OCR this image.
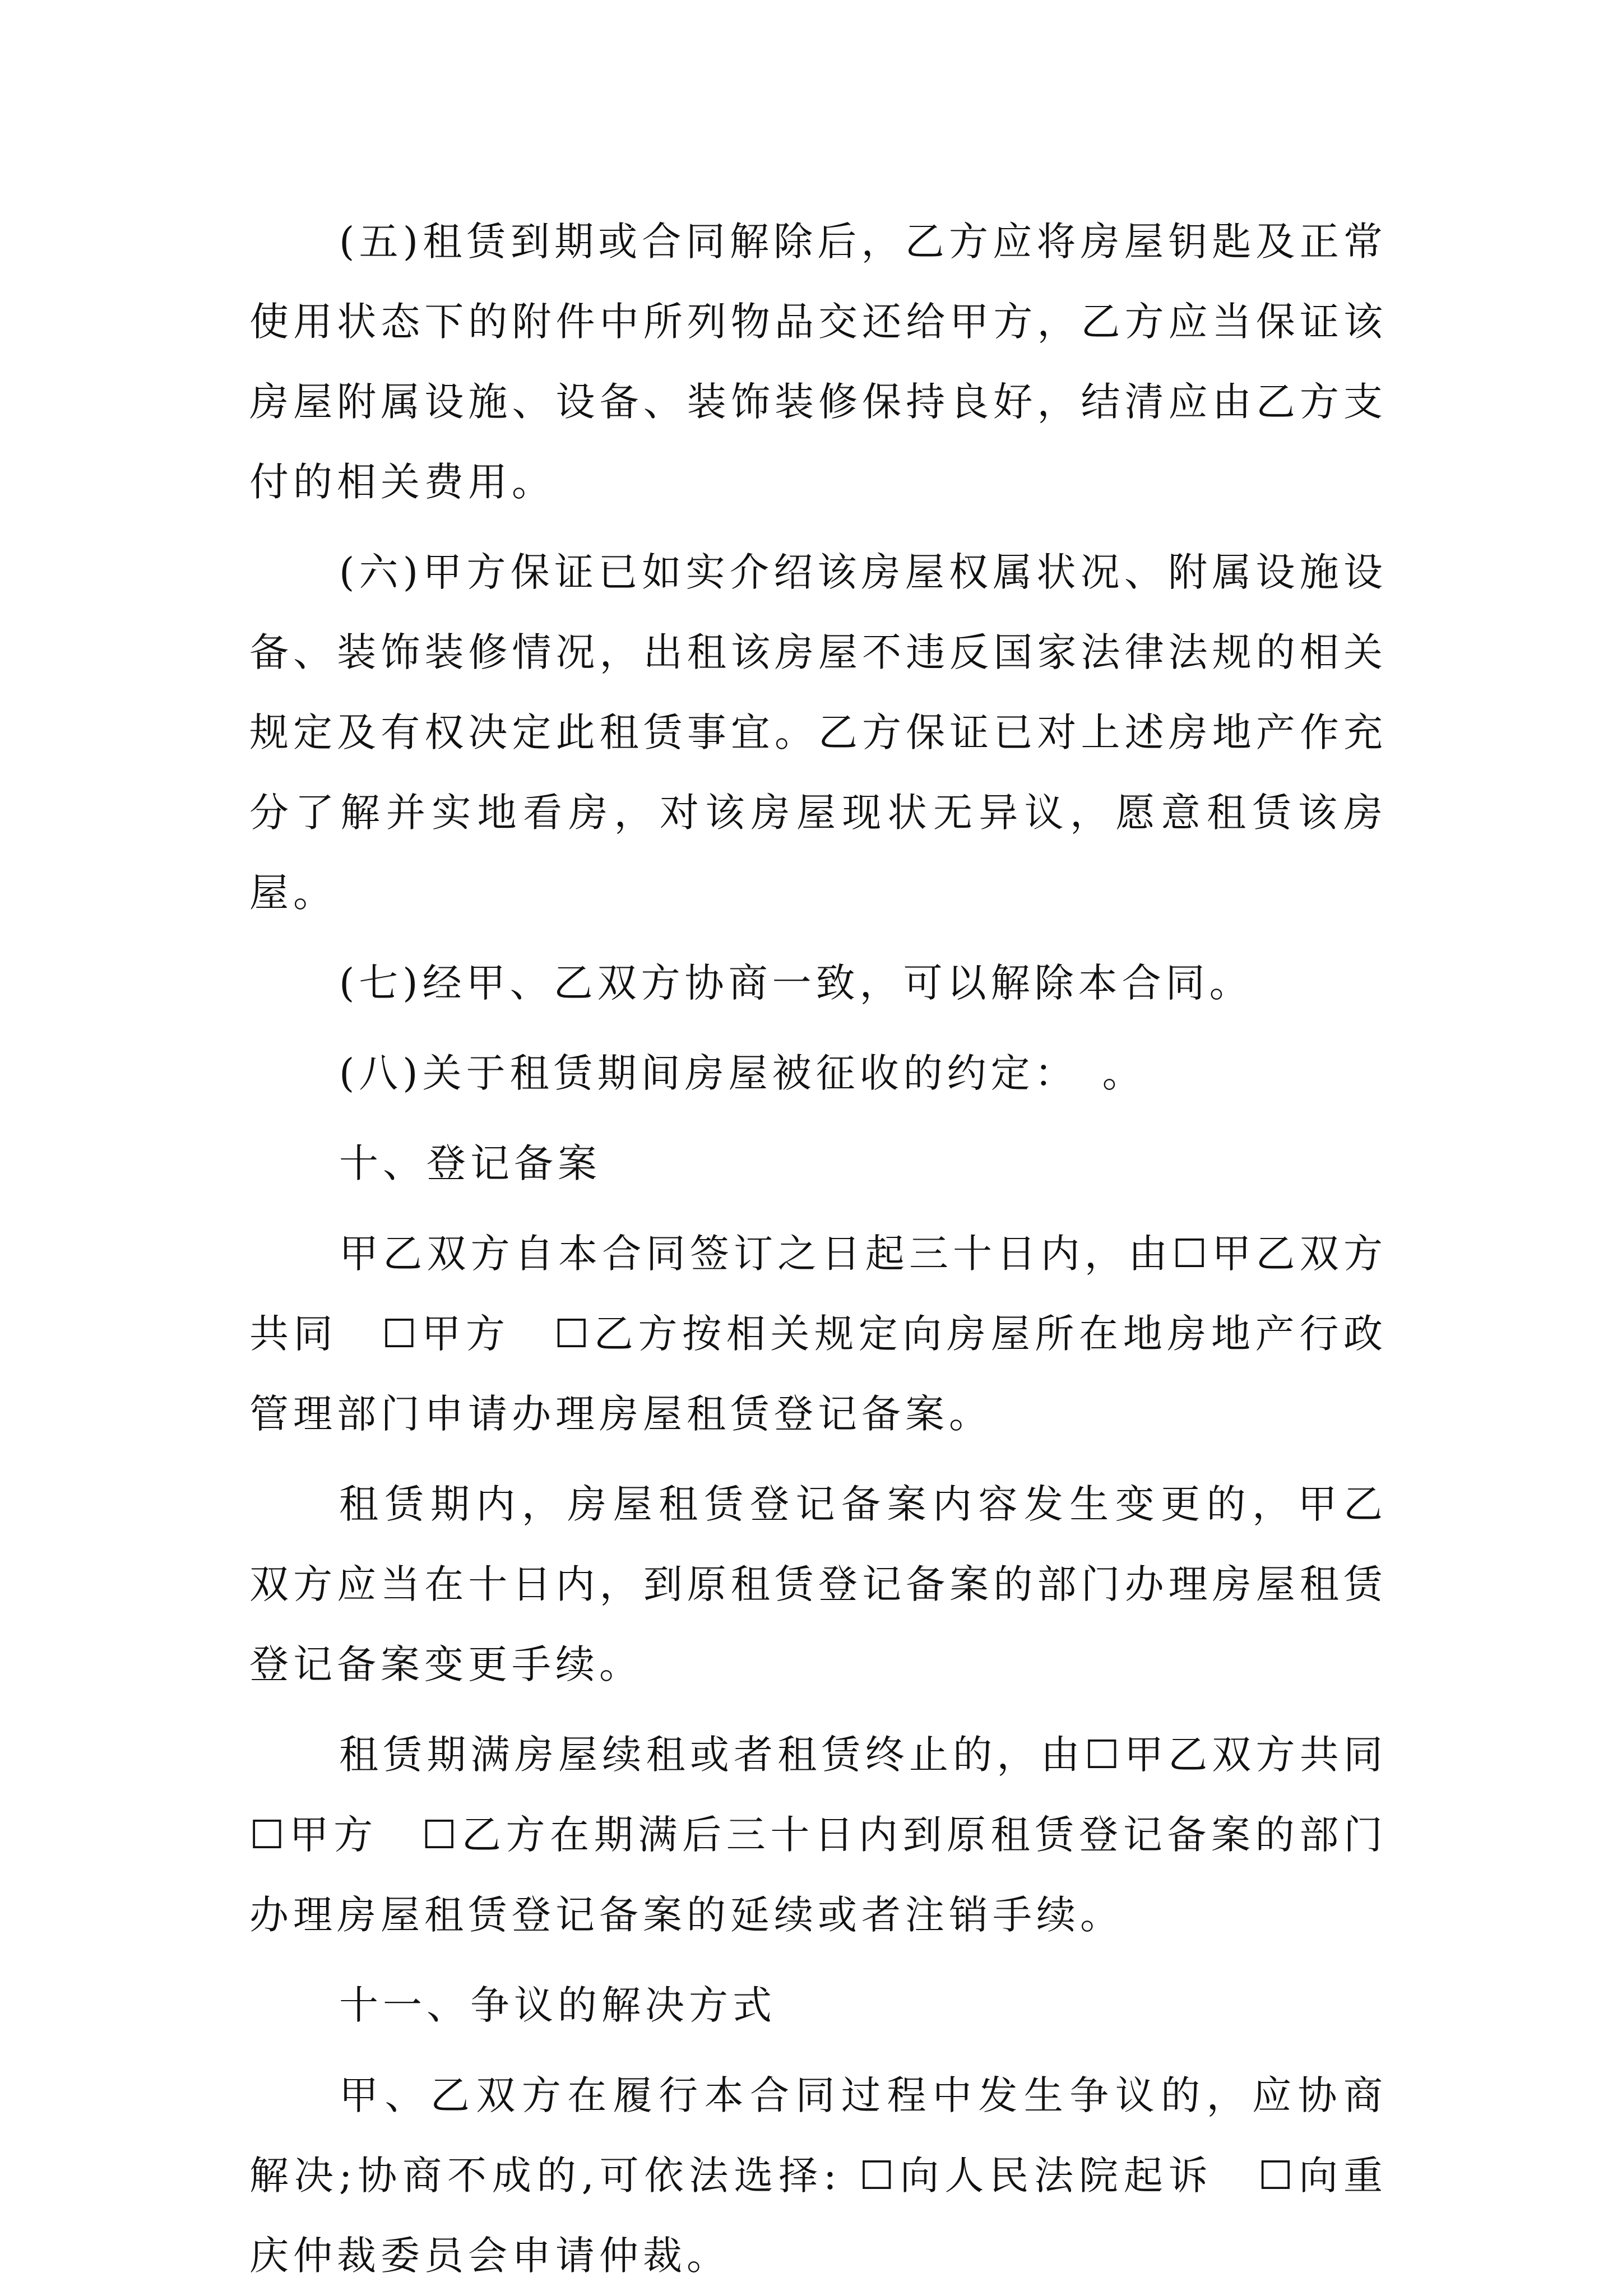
(五)租赁到期或合同解除后，乙方应将房屋钥匙及正常使用状态下的附件中所列物品交还给甲方，乙方应当保证该房屋附属设施、设备、装饰装修保持良好，结清应由乙方支付的相关费用。

(六)甲方保证已如实介绍该房屋权属状况、附属设施设备、装饰装修情况，出租该房屋不违反国家法律法规的相关规定及有权决定此租赁事宜。乙方保证已对上述房地产作充分了解并实地看房，对该房屋现状无异议，愿意租赁该房屋。

(七)经甲、乙双方协商一致，可以解除本合同。

(八)关于租赁期间房屋被征收的约定：　。

十、登记备案

甲乙双方自本合同签订之日起三十日内，由☐甲乙双方共同　☐甲方　☐乙方按相关规定向房屋所在地房地产行政管理部门申请办理房屋租赁登记备案。

租赁期内，房屋租赁登记备案内容发生变更的，甲乙双方应当在十日内，到原租赁登记备案的部门办理房屋租赁登记备案变更手续。

租赁期满房屋续租或者租赁终止的，由☐甲乙双方共同☐甲方　☐乙方在期满后三十日内到原租赁登记备案的部门办理房屋租赁登记备案的延续或者注销手续。

十一、争议的解决方式

甲、乙双方在履行本合同过程中发生争议的，应协商解决;协商不成的,可依法选择: ☐向人民法院起诉　☐向重庆仲裁委员会申请仲裁。
